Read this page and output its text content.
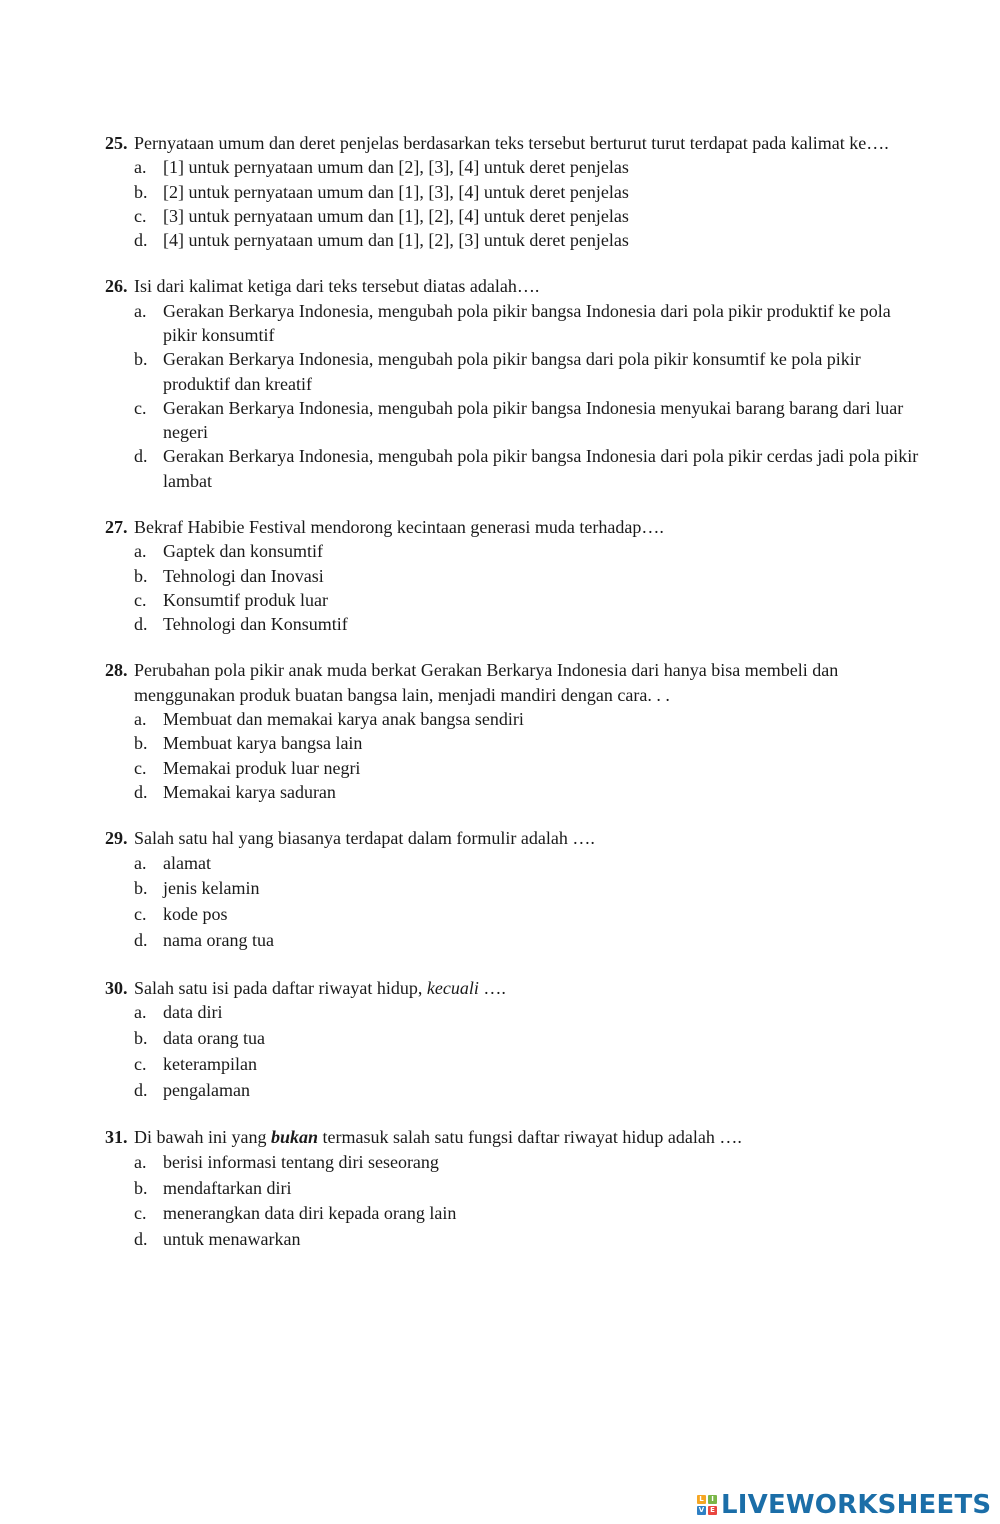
25. Pernyataan umum dan deret penjelas berdasarkan teks tersebut berturut turut terdapat pada kalimat ke….
a. [1] untuk pernyataan umum dan [2], [3], [4] untuk deret penjelas
b. [2] untuk pernyataan umum dan [1], [3], [4] untuk deret penjelas
c. [3] untuk pernyataan umum dan [1], [2], [4] untuk deret penjelas
d. [4] untuk pernyataan umum dan [1], [2], [3] untuk deret penjelas
26. Isi dari kalimat ketiga dari teks tersebut diatas adalah….
a. Gerakan Berkarya Indonesia, mengubah pola pikir bangsa Indonesia dari pola pikir produktif ke pola pikir konsumtif
b. Gerakan Berkarya Indonesia, mengubah pola pikir bangsa dari pola pikir konsumtif ke pola pikir produktif dan kreatif
c. Gerakan Berkarya Indonesia, mengubah pola pikir bangsa Indonesia menyukai barang barang dari luar negeri
d. Gerakan Berkarya Indonesia, mengubah pola pikir bangsa Indonesia dari pola pikir cerdas jadi pola pikir lambat
27. Bekraf Habibie Festival mendorong kecintaan generasi muda terhadap….
a. Gaptek dan konsumtif
b. Tehnologi dan Inovasi
c. Konsumtif produk luar
d. Tehnologi dan Konsumtif
28. Perubahan pola pikir anak muda berkat Gerakan Berkarya Indonesia dari hanya bisa membeli dan menggunakan produk buatan bangsa lain, menjadi mandiri dengan cara. . .
a. Membuat dan memakai karya anak bangsa sendiri
b. Membuat karya bangsa lain
c. Memakai produk luar negri
d. Memakai karya saduran
29. Salah satu hal yang biasanya terdapat dalam formulir adalah ….
a. alamat
b. jenis kelamin
c. kode pos
d. nama orang tua
30. Salah satu isi pada daftar riwayat hidup, kecuali ….
a. data diri
b. data orang tua
c. keterampilan
d. pengalaman
31. Di bawah ini yang bukan termasuk salah satu fungsi daftar riwayat hidup adalah ….
a. berisi informasi tentang diri seseorang
b. mendaftarkan diri
c. menerangkan data diri kepada orang lain
d. untuk menawarkan
L	I
V E LIVEWORKSHEETS
